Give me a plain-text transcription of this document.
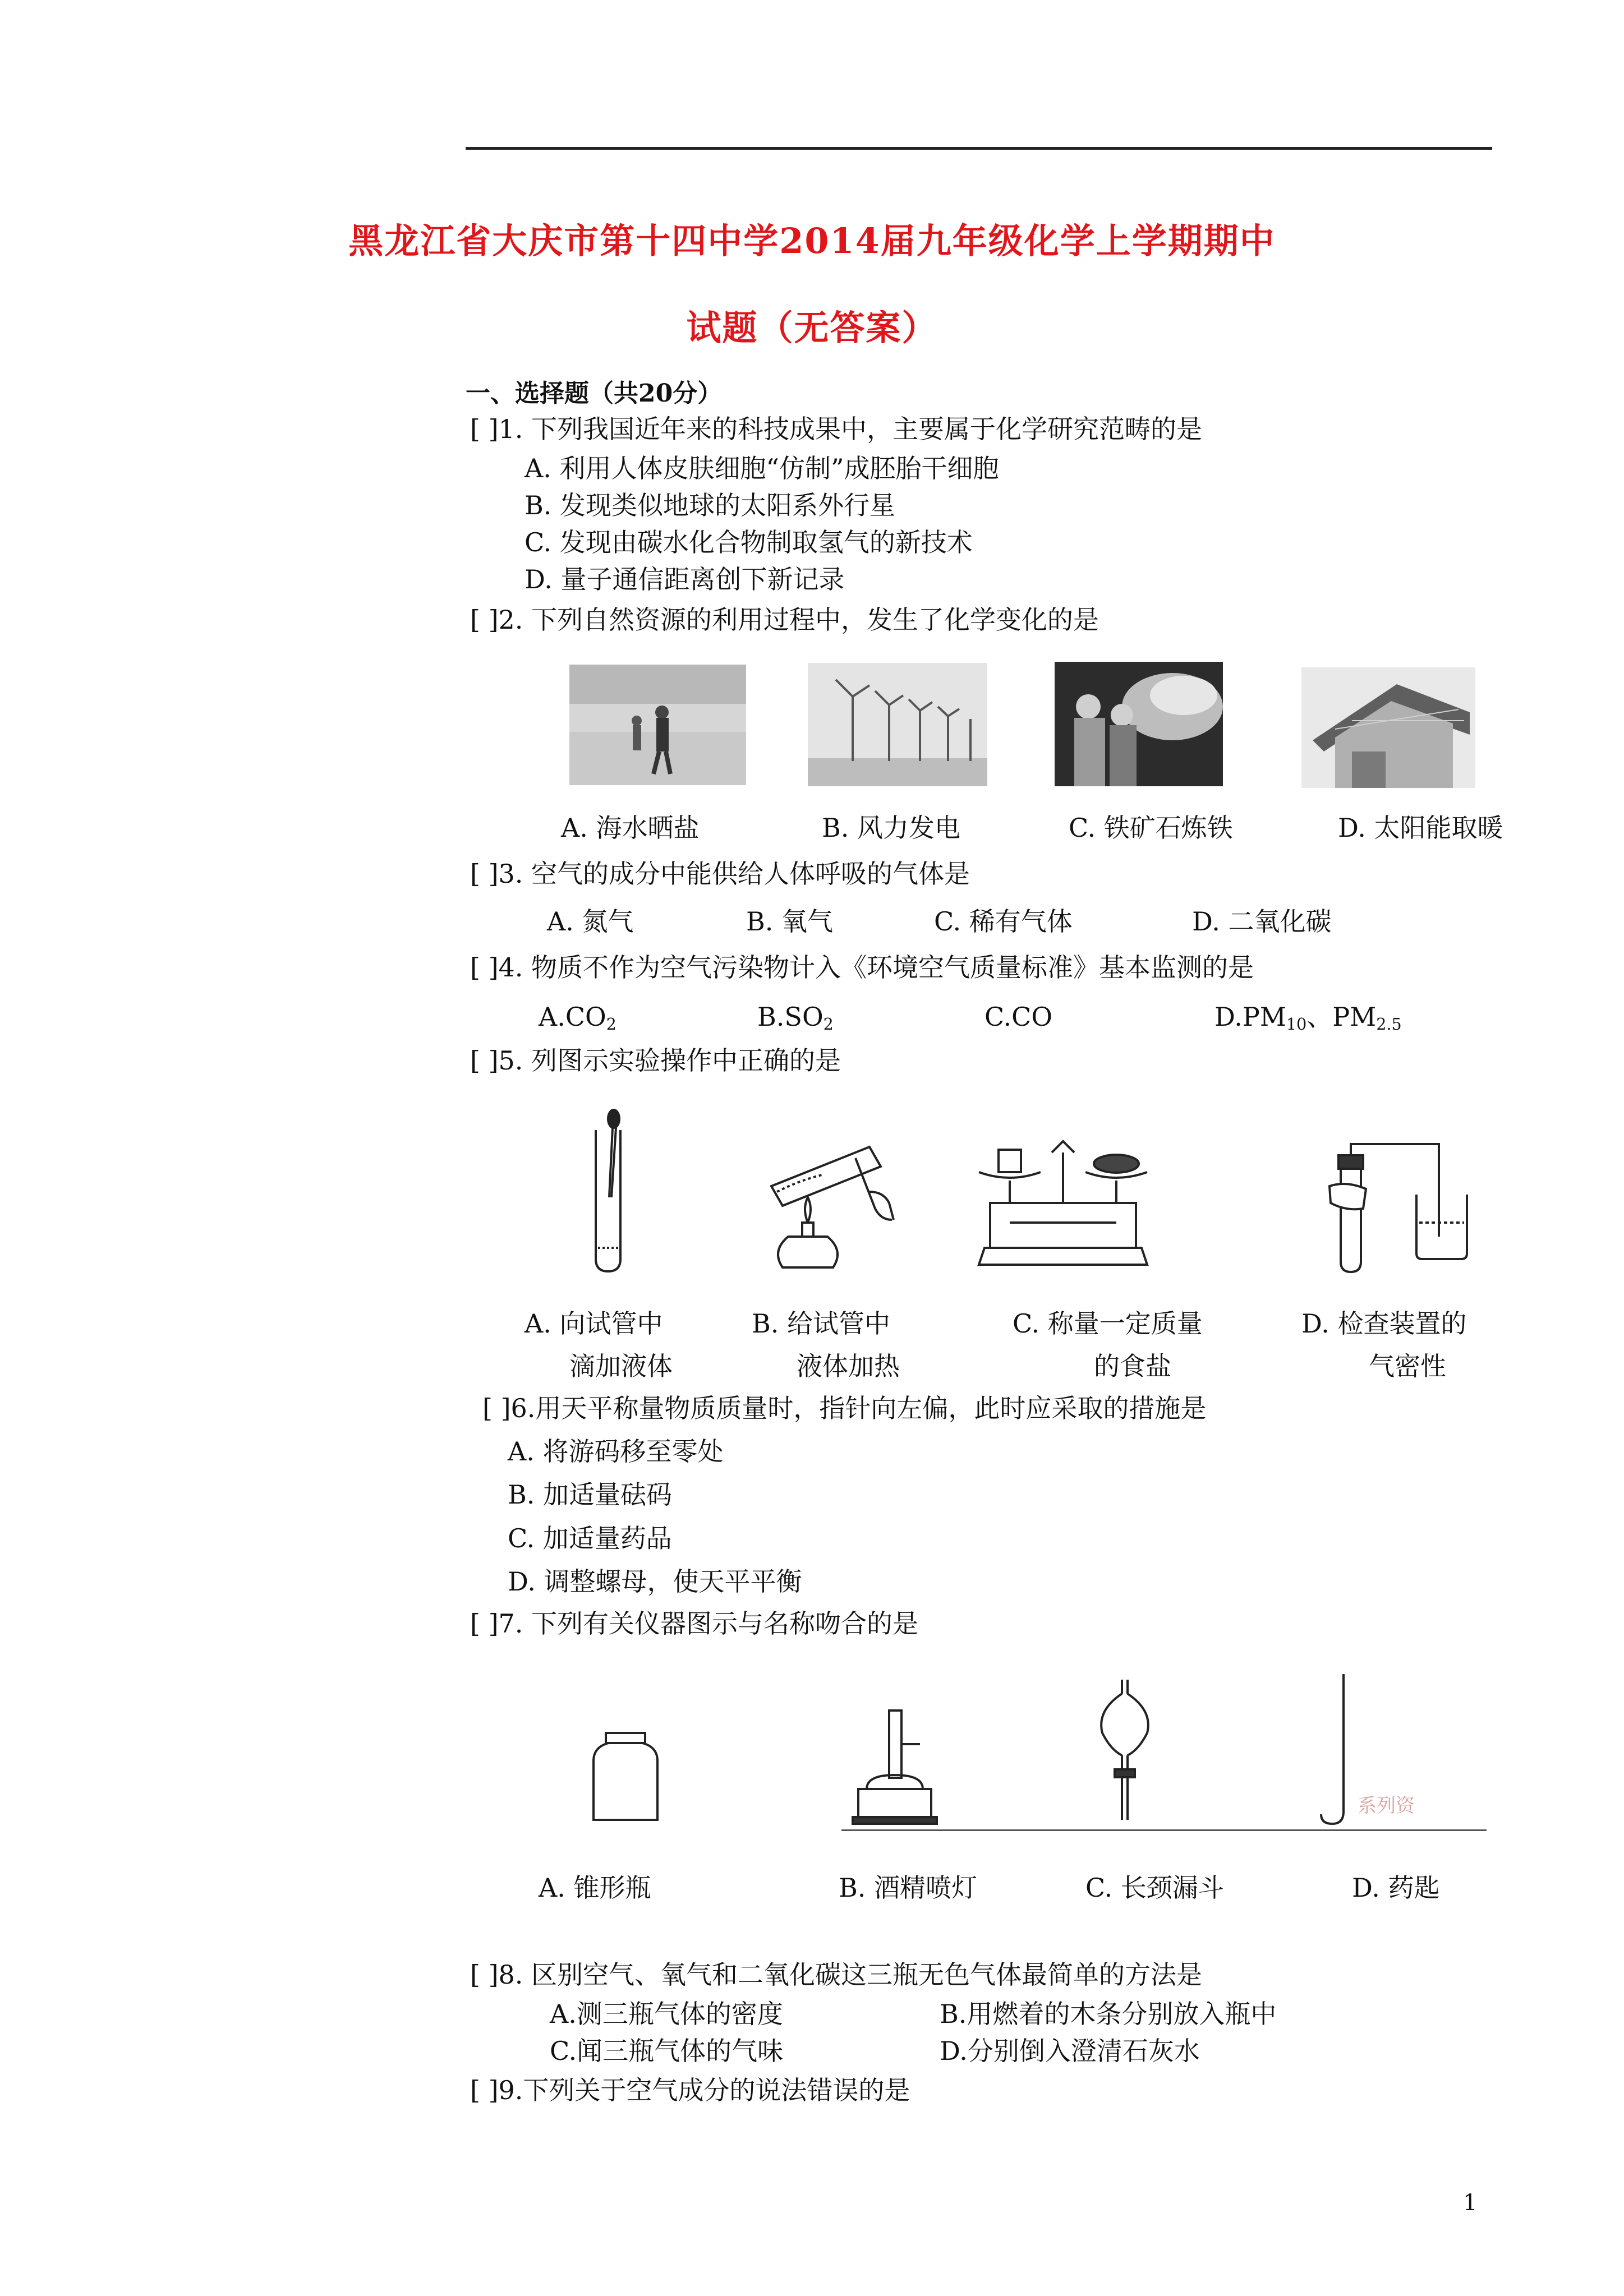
黑龙江省大庆市第十四中学2014届九年级化学上学期期中
试题（无答案）
一、选择题（共20分）
[ ]1. 下列我国近年来的科技成果中，主要属于化学研究范畴的是
A. 利用人体皮肤细胞“仿制”成胚胎干细胞
B. 发现类似地球的太阳系外行星
C. 发现由碳水化合物制取氢气的新技术
D. 量子通信距离创下新记录
[ ]2. 下列自然资源的利用过程中，发生了化学变化的是
A. 海水晒盐	B. 风力发电	C. 铁矿石炼铁	D. 太阳能取暖
[ ]3. 空气的成分中能供给人体呼吸的气体是
A. 氮气	B. 氧气	C. 稀有气体	D. 二氧化碳
[ ]4. 物质不作为空气污染物计入《环境空气质量标准》基本监测的是
$A.CO_2$	$B.SO_2$	C.CO	$D.PM_{10}$、$PM_{2.5}$
[ ]5. 列图示实验操作中正确的是
A. 向试管中
滴加液体
B. 给试管中
液体加热
C. 称量一定质量
的食盐
D. 检查装置的
气密性
[ ]6.用天平称量物质质量时，指针向左偏，此时应采取的措施是
A. 将游码移至零处
B. 加适量砝码
C. 加适量药品
D. 调整螺母，使天平平衡
[ ]7. 下列有关仪器图示与名称吻合的是
系列资
A. 锥形瓶	B. 酒精喷灯	C. 长颈漏斗	D. 药匙
[ ]8. 区别空气、氧气和二氧化碳这三瓶无色气体最简单的方法是
A.测三瓶气体的密度	B.用燃着的木条分别放入瓶中
C.闻三瓶气体的气味	D.分别倒入澄清石灰水
[ ]9.下列关于空气成分的说法错误的是
1
